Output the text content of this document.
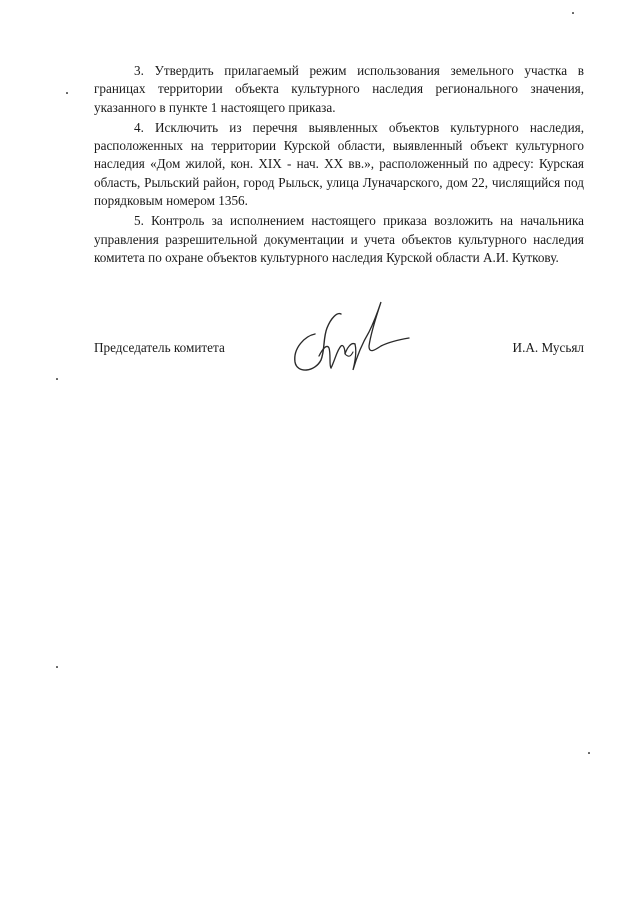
3. Утвердить прилагаемый режим использования земельного участка в границах территории объекта культурного наследия регионального значения, указанного в пункте 1 настоящего приказа.

4. Исключить из перечня выявленных объектов культурного наследия, расположенных на территории Курской области, выявленный объект культурного наследия «Дом жилой, кон. XIX - нач. XX вв.», расположенный по адресу: Курская область, Рыльский район, город Рыльск, улица Луначарского, дом 22, числящийся под порядковым номером 1356.

5. Контроль за исполнением настоящего приказа возложить на начальника управления разрешительной документации и учета объектов культурного наследия комитета по охране объектов культурного наследия Курской области А.И. Куткову.

Председатель комитета	И.А. Мусьял
